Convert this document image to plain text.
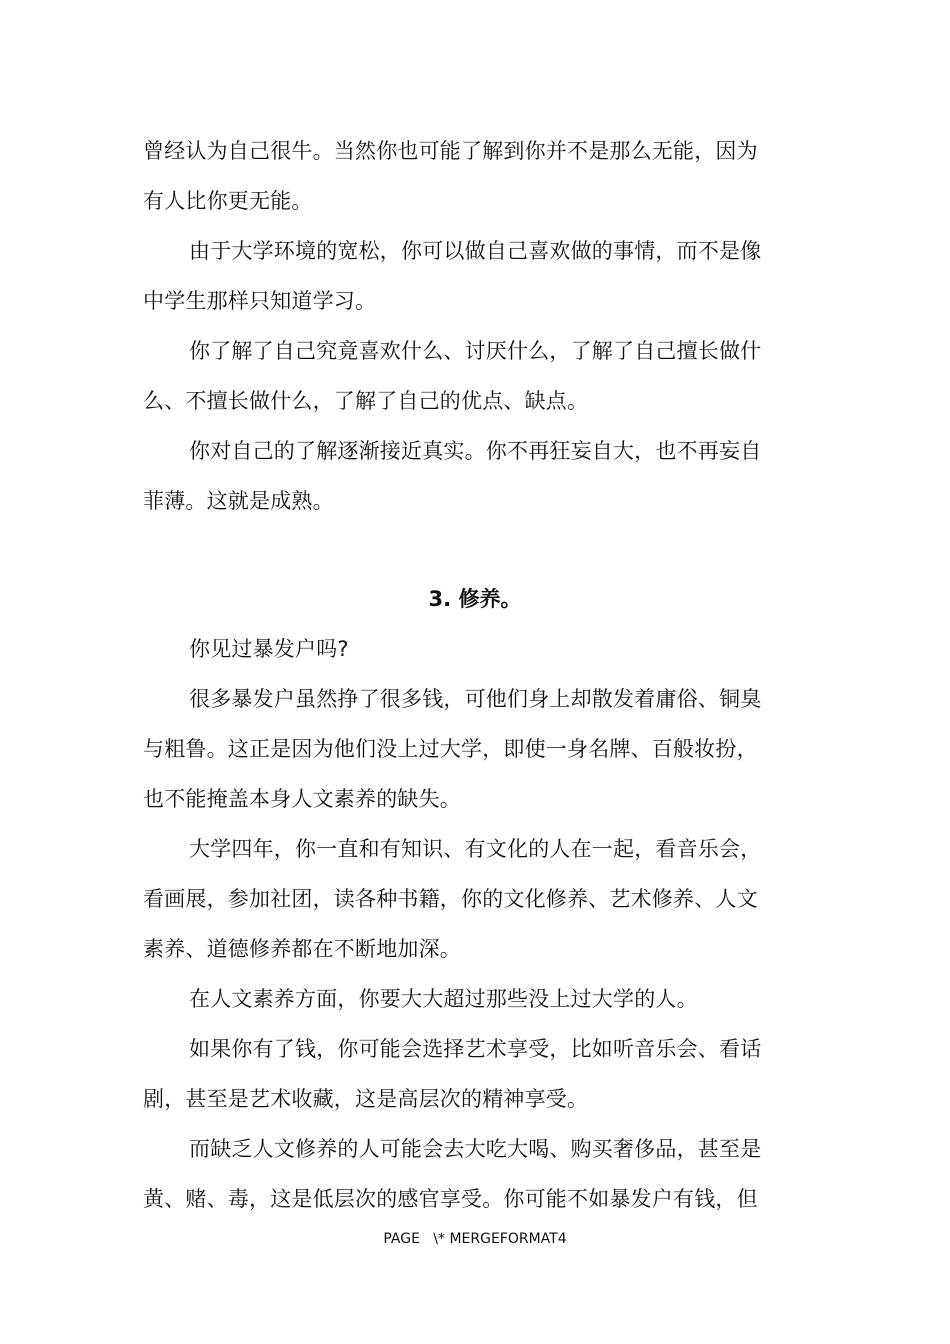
曾经认为自己很牛。当然你也可能了解到你并不是那么无能，因为
有人比你更无能。
由于大学环境的宽松，你可以做自己喜欢做的事情，而不是像
中学生那样只知道学习。
你了解了自己究竟喜欢什么、讨厌什么，了解了自己擅长做什
么、不擅长做什么，了解了自己的优点、缺点。
你对自己的了解逐渐接近真实。你不再狂妄自大，也不再妄自
菲薄。这就是成熟。
3. 修养。
你见过暴发户吗?
很多暴发户虽然挣了很多钱，可他们身上却散发着庸俗、铜臭
与粗鲁。这正是因为他们没上过大学，即使一身名牌、百般妆扮，
也不能掩盖本身人文素养的缺失。
大学四年，你一直和有知识、有文化的人在一起，看音乐会，
看画展，参加社团，读各种书籍，你的文化修养、艺术修养、人文
素养、道德修养都在不断地加深。
在人文素养方面，你要大大超过那些没上过大学的人。
如果你有了钱，你可能会选择艺术享受，比如听音乐会、看话
剧，甚至是艺术收藏，这是高层次的精神享受。
而缺乏人文修养的人可能会去大吃大喝、购买奢侈品，甚至是
黄、赌、毒，这是低层次的感官享受。你可能不如暴发户有钱，但
PAGE   \* MERGEFORMAT4
